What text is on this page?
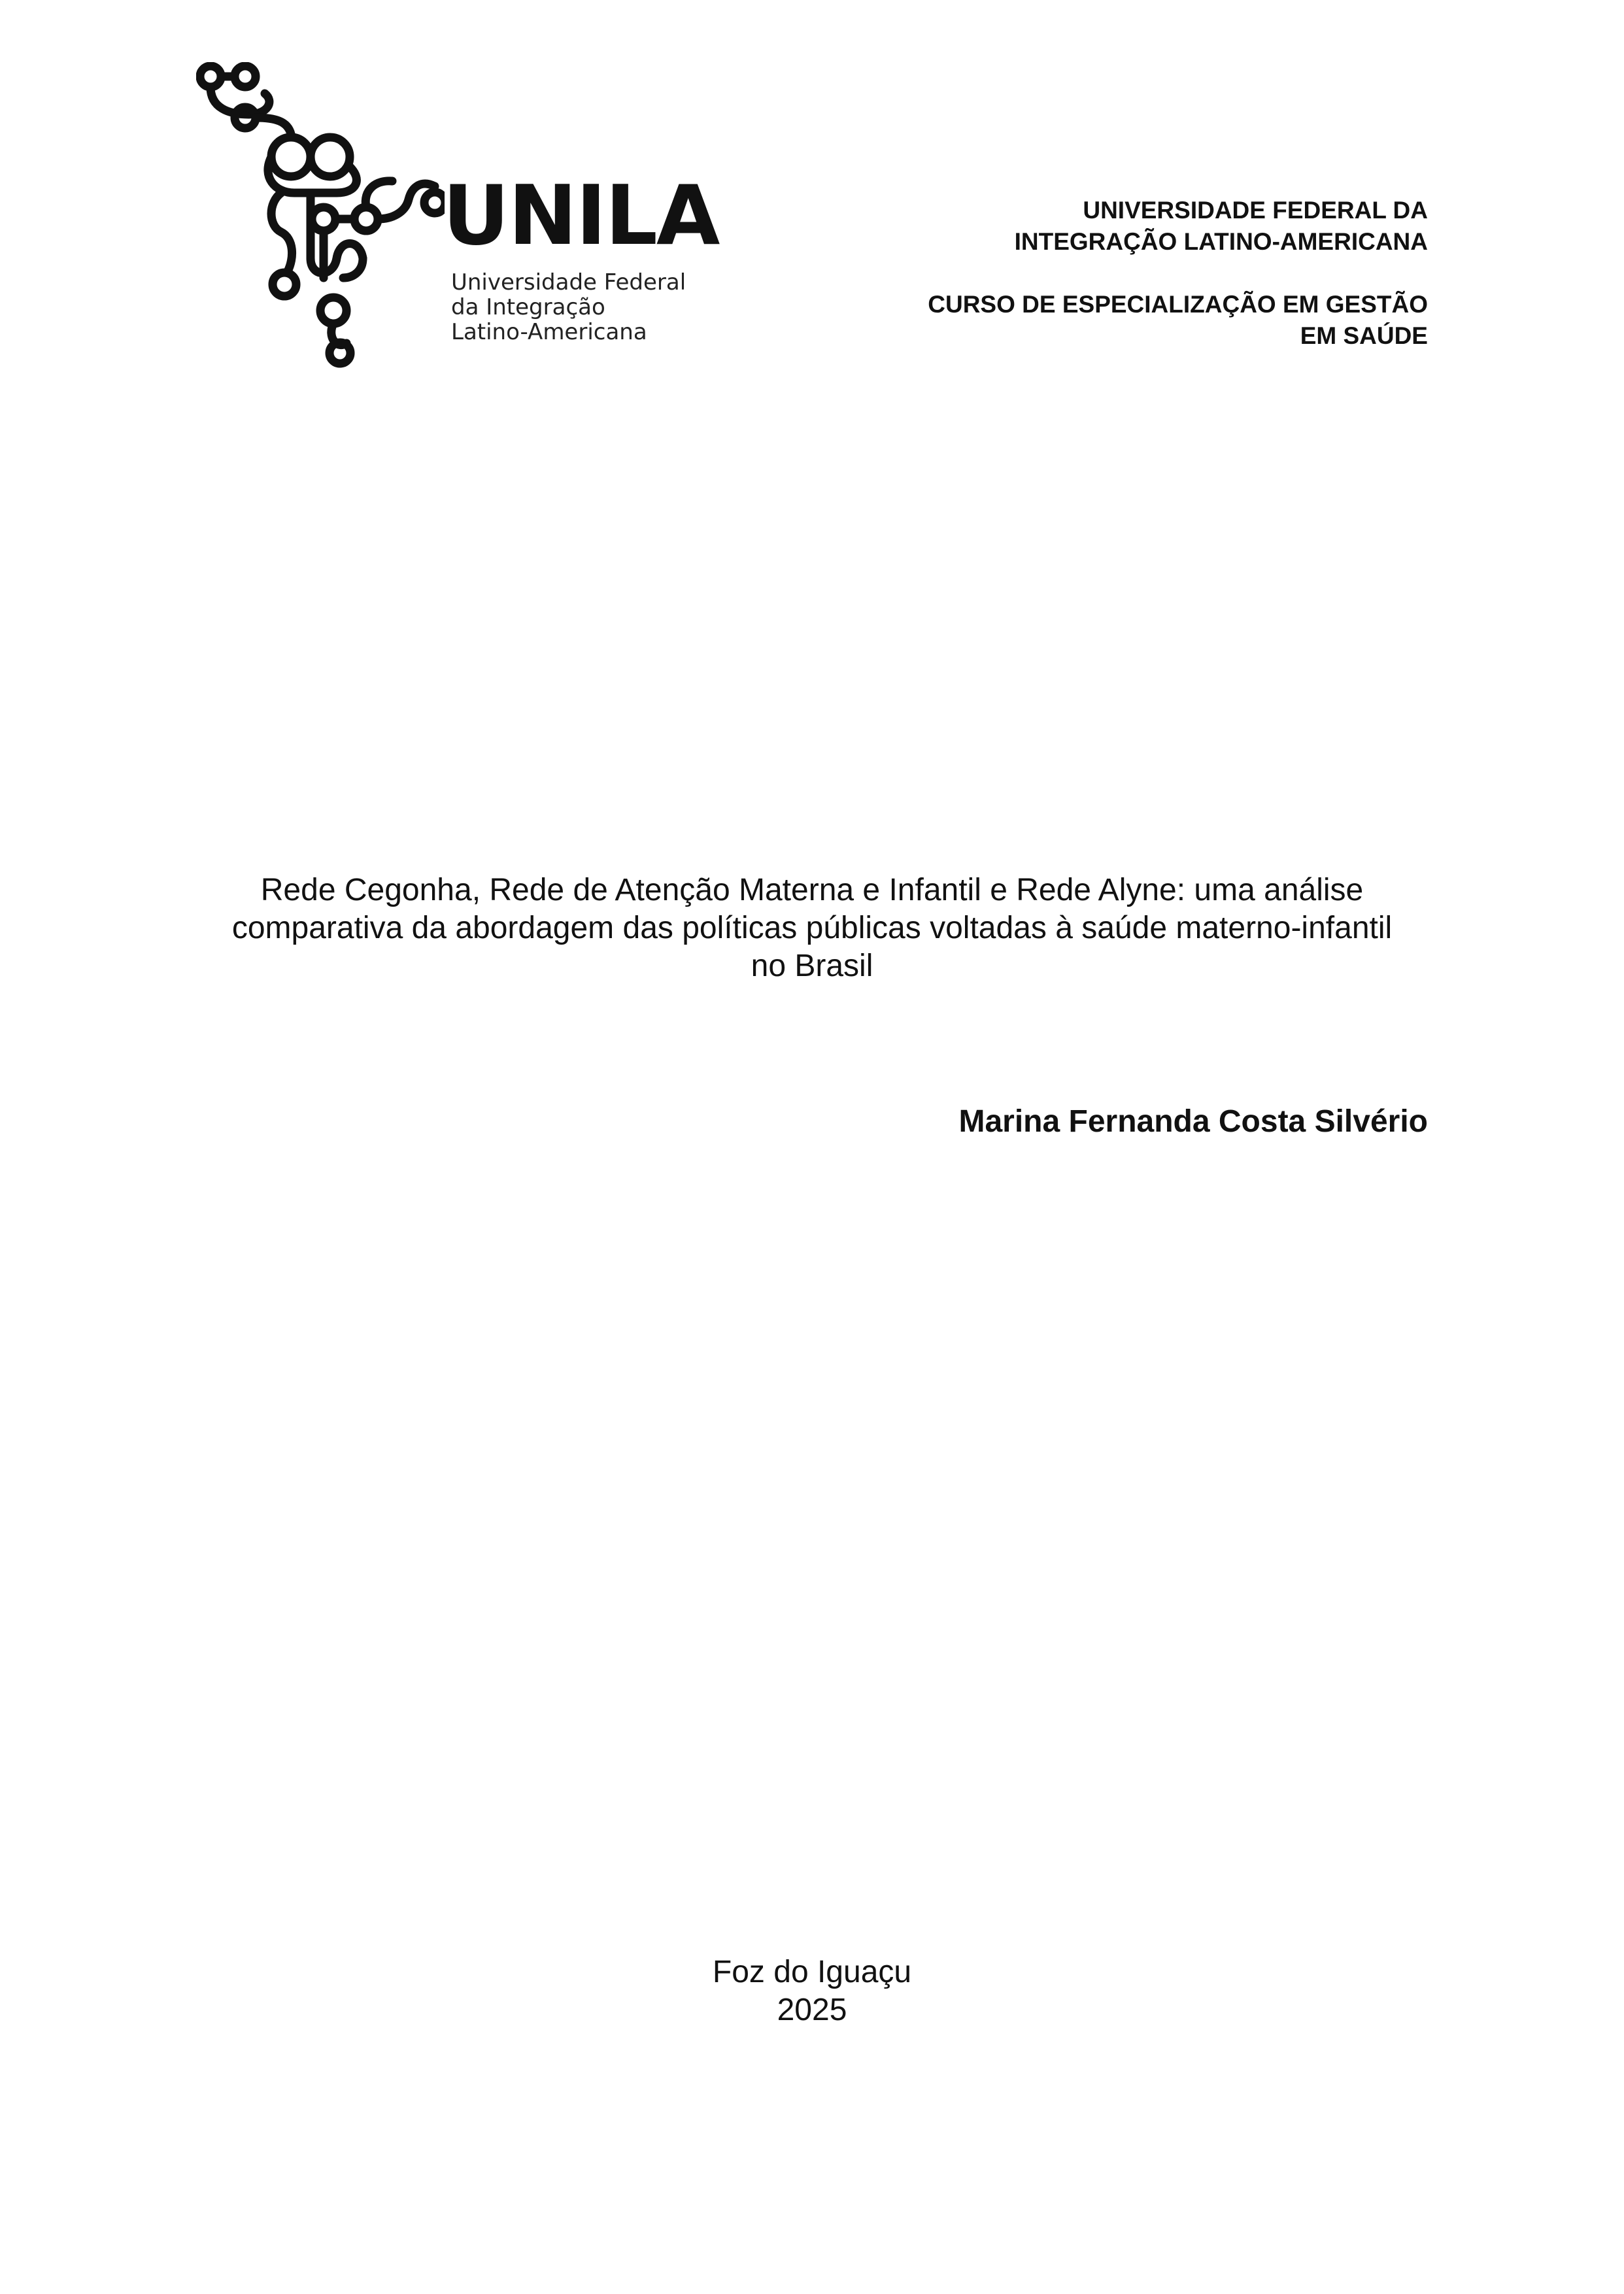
UNILA
Universidade Federal
da Integração
Latino-Americana
UNIVERSIDADE FEDERAL DA
INTEGRAÇÃO LATINO-AMERICANA
CURSO DE ESPECIALIZAÇÃO EM GESTÃO
EM SAÚDE
Rede Cegonha, Rede de Atenção Materna e Infantil e Rede Alyne: uma análise
comparativa da abordagem das políticas públicas voltadas à saúde materno-infantil
no Brasil
Marina Fernanda Costa Silvério
Foz do Iguaçu
2025
